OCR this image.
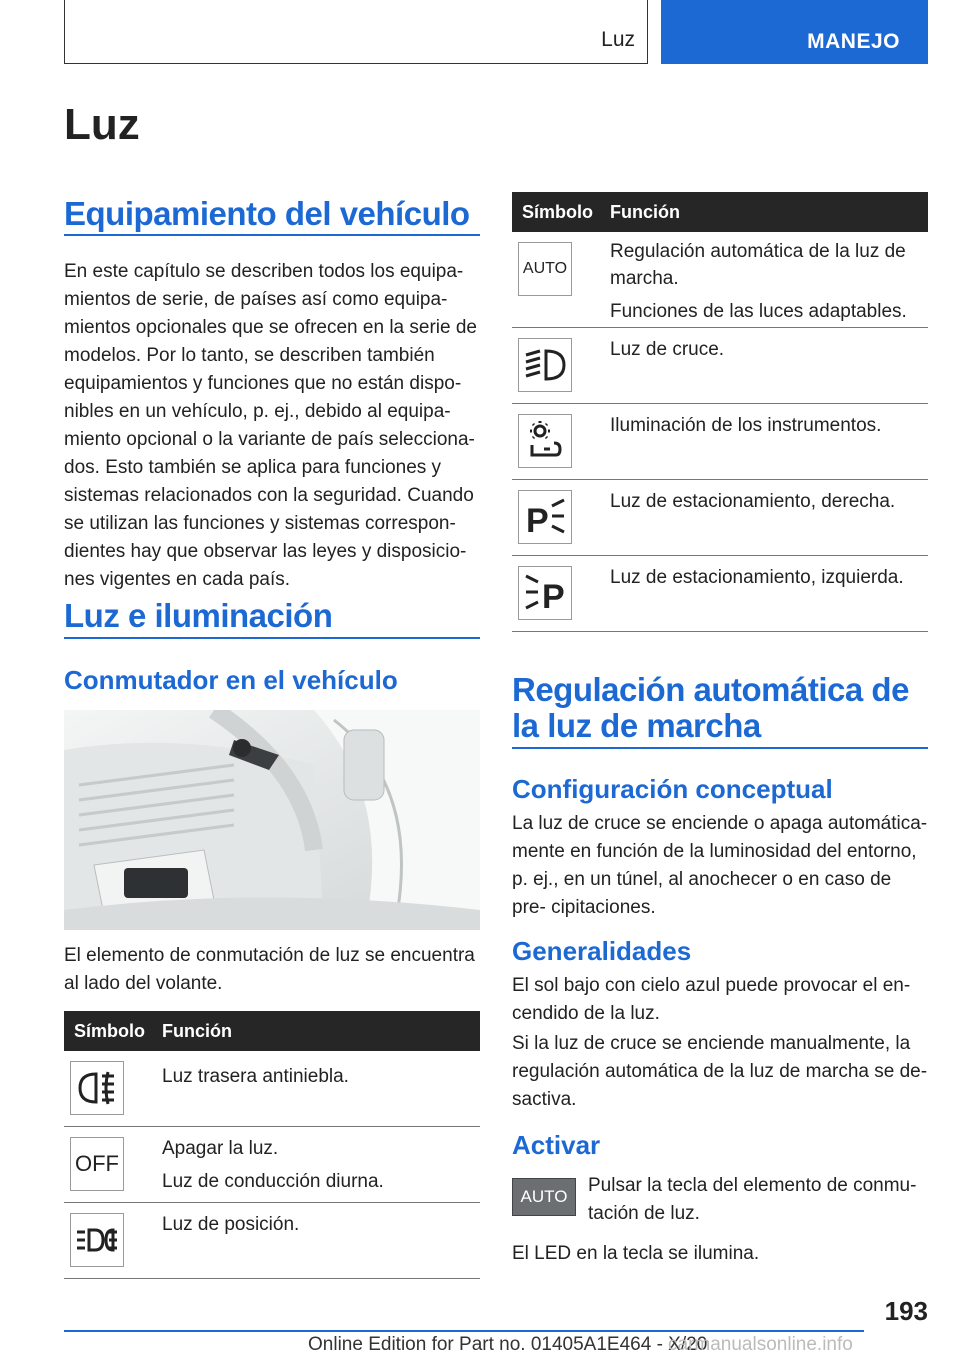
Luz	MANEJO
Luz
Equipamiento del vehículo

En este capítulo se describen todos los equipa- mientos de serie, de países así como equipa- mientos opcionales que se ofrecen en la serie de modelos. Por lo tanto, se describen también equipamientos y funciones que no están dispo- nibles en un vehículo, p. ej., debido al equipa- miento opcional o la variante de país selecciona- dos. Esto también se aplica para funciones y sistemas relacionados con la seguridad. Cuando se utilizan las funciones y sistemas correspon- dientes hay que observar las leyes y disposicio- nes vigentes en cada país.

Luz e iluminación
Conmutador en el vehículo

El elemento de conmutación de luz se encuentra al lado del volante.

Símbolo Función

Luz trasera antiniebla.

OFF

Apagar la luz.

Luz de conducción diurna.

Luz de posición.

Símbolo Función
AUTO

Regulación automática de la luz de marcha.

Funciones de las luces adaptables.

Luz de cruce.

Iluminación de los instrumentos.

P

Luz de estacionamiento, derecha.

P

Luz de estacionamiento, izquierda.

Regulación automática de
la luz de marcha
Configuración conceptual

La luz de cruce se enciende o apaga automática- mente en función de la luminosidad del entorno, p. ej., en un túnel, al anochecer o en caso de pre- cipitaciones.

Generalidades

El sol bajo con cielo azul puede provocar el en- cendido de la luz.

Si la luz de cruce se enciende manualmente, la regulación automática de la luz de marcha se de- sactiva.

Activar
AUTO

Pulsar la tecla del elemento de conmu- tación de luz.

El LED en la tecla se ilumina.

193
Online Edition for Part no. 01405A1E464 - X/20
carmanualsonline.info
